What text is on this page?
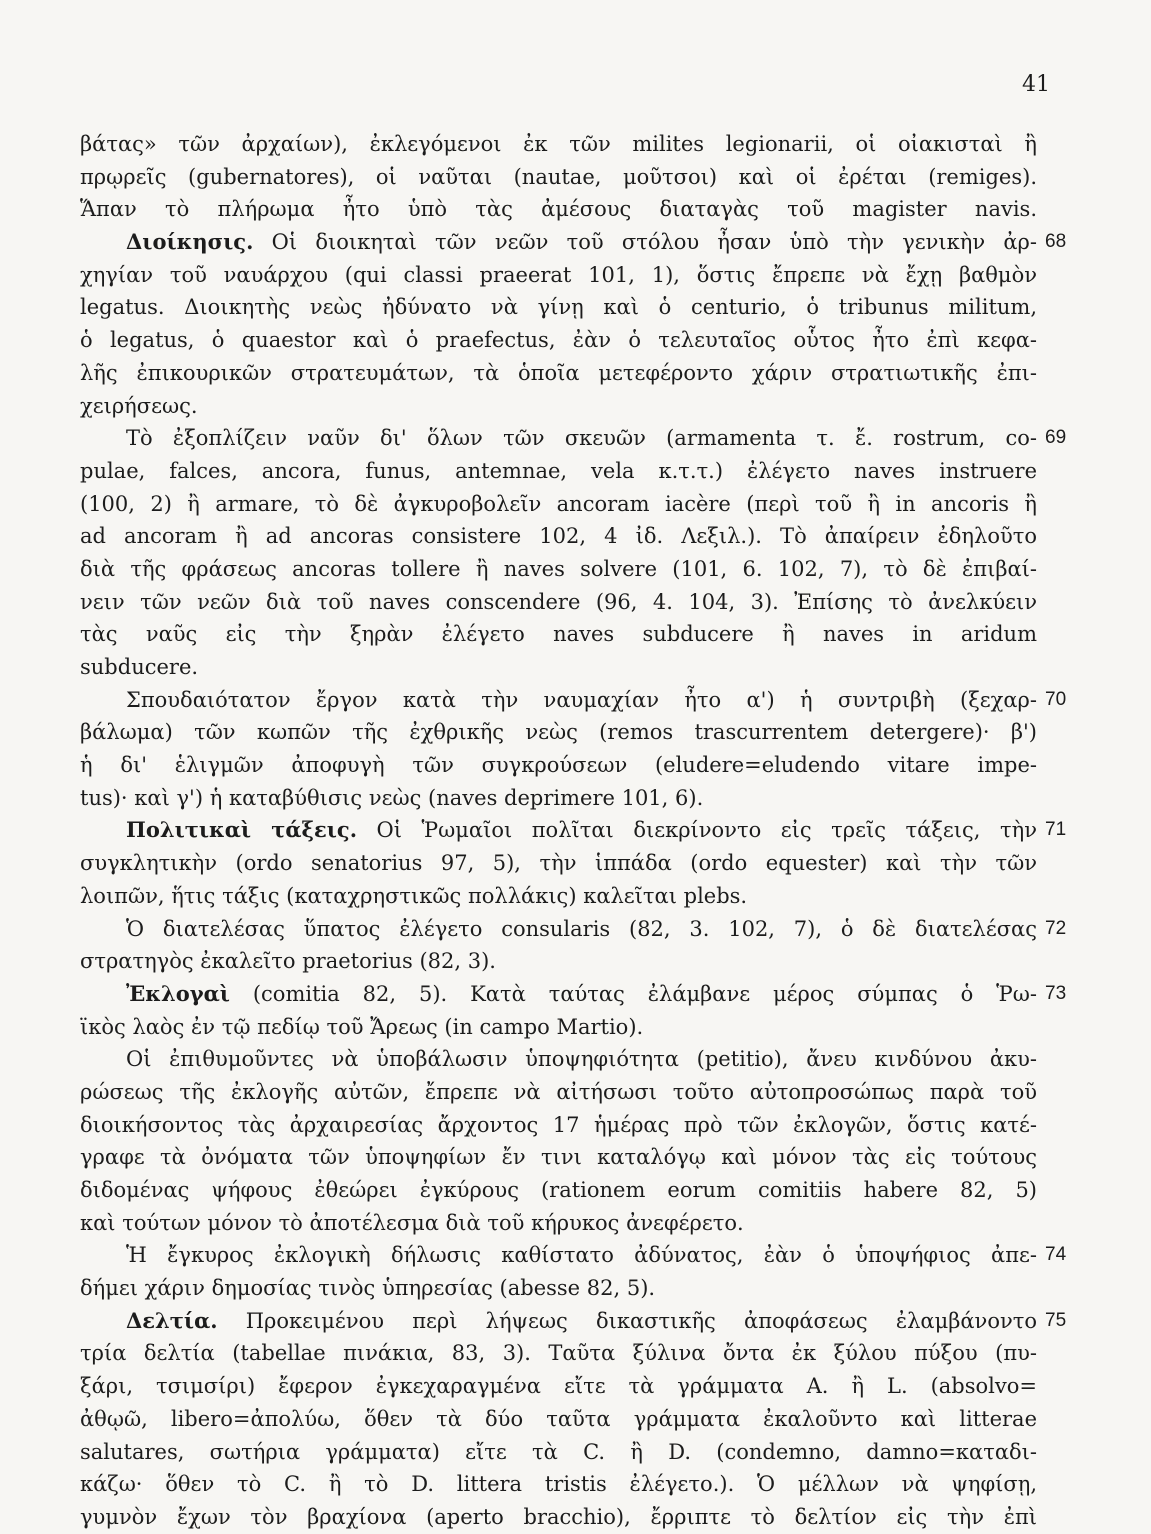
41
βάτας» τῶν ἀρχαίων), ἐκλεγόμενοι ἐκ τῶν milites legionarii, οἱ οἰακισταὶ ἢ
πρῳρεῖς (gubernatores), οἱ ναῦται (nautae, μοῦτσοι) καὶ οἱ ἐρέται (remiges).
Ἅπαν τὸ πλήρωμα ἦτο ὑπὸ τὰς ἀμέσους διαταγὰς τοῦ magister navis.
Διοίκησις. Οἱ διοικηταὶ τῶν νεῶν τοῦ στόλου ἦσαν ὑπὸ τὴν γενικὴν ἀρ- 68
χηγίαν τοῦ ναυάρχου (qui classi praeerat 101, 1), ὅστις ἔπρεπε νὰ ἔχῃ βαθμὸν
legatus. Διοικητὴς νεὼς ἠδύνατο νὰ γίνῃ καὶ ὁ centurio, ὁ tribunus militum,
ὁ legatus, ὁ quaestor καὶ ὁ praefectus, ἐὰν ὁ τελευταῖος οὗτος ἦτο ἐπὶ κεφα-
λῆς ἐπικουρικῶν στρατευμάτων, τὰ ὁποῖα μετεφέροντο χάριν στρατιωτικῆς ἐπι-
χειρήσεως.
Τὸ ἐξοπλίζειν ναῦν δι' ὅλων τῶν σκευῶν (armamenta τ. ἔ. rostrum, co- 69
pulae, falces, ancora, funus, antemnae, vela κ.τ.τ.) ἐλέγετο naves instruere
(100, 2) ἢ armare, τὸ δὲ ἀγκυροβολεῖν ancoram iacère (περὶ τοῦ ἢ in ancoris ἢ
ad ancoram ἢ ad ancoras consistere 102, 4 ἰδ. Λεξιλ.). Τὸ ἀπαίρειν ἐδηλοῦτο
διὰ τῆς φράσεως ancoras tollere ἢ naves solvere (101, 6. 102, 7), τὸ δὲ ἐπιβαί-
νειν τῶν νεῶν διὰ τοῦ naves conscendere (96, 4. 104, 3). Ἐπίσης τὸ ἀνελκύειν
τὰς ναῦς εἰς τὴν ξηρὰν ἐλέγετο naves subducere ἢ naves in aridum
subducere.
Σπουδαιότατον ἔργον κατὰ τὴν ναυμαχίαν ἦτο α') ἡ συντριβὴ (ξεχαρ- 70
βάλωμα) τῶν κωπῶν τῆς ἐχθρικῆς νεὼς (remos trascurrentem detergere)· β')
ἡ δι' ἑλιγμῶν ἀποφυγὴ τῶν συγκρούσεων (eludere=eludendo vitare impe-
tus)· καὶ γ') ἡ καταβύθισις νεὼς (naves deprimere 101, 6).
Πολιτικαὶ τάξεις. Οἱ Ῥωμαῖοι πολῖται διεκρίνοντο εἰς τρεῖς τάξεις, τὴν 71
συγκλητικὴν (ordo senatorius 97, 5), τὴν ἱππάδα (ordo equester) καὶ τὴν τῶν
λοιπῶν, ἥτις τάξις (καταχρηστικῶς πολλάκις) καλεῖται plebs.
Ὁ διατελέσας ὕπατος ἐλέγετο consularis (82, 3. 102, 7), ὁ δὲ διατελέσας 72
στρατηγὸς ἐκαλεῖτο praetorius (82, 3).
Ἐκλογαὶ (comitia 82, 5). Κατὰ ταύτας ἐλάμβανε μέρος σύμπας ὁ Ῥω- 73
ϊκὸς λαὸς ἐν τῷ πεδίῳ τοῦ Ἄρεως (in campo Martio).
Οἱ ἐπιθυμοῦντες νὰ ὑποβάλωσιν ὑποψηφιότητα (petitio), ἄνευ κινδύνου ἀκυ-
ρώσεως τῆς ἐκλογῆς αὐτῶν, ἔπρεπε νὰ αἰτήσωσι τοῦτο αὐτοπροσώπως παρὰ τοῦ
διοικήσοντος τὰς ἀρχαιρεσίας ἄρχοντος 17 ἡμέρας πρὸ τῶν ἐκλογῶν, ὅστις κατέ-
γραφε τὰ ὀνόματα τῶν ὑποψηφίων ἔν τινι καταλόγῳ καὶ μόνον τὰς εἰς τούτους
διδομένας ψήφους ἐθεώρει ἐγκύρους (rationem eorum comitiis habere 82, 5)
καὶ τούτων μόνον τὸ ἀποτέλεσμα διὰ τοῦ κήρυκος ἀνεφέρετο.
Ἡ ἔγκυρος ἐκλογικὴ δήλωσις καθίστατο ἀδύνατος, ἐὰν ὁ ὑποψήφιος ἀπε- 74
δήμει χάριν δημοσίας τινὸς ὑπηρεσίας (abesse 82, 5).
Δελτία. Προκειμένου περὶ λήψεως δικαστικῆς ἀποφάσεως ἐλαμβάνοντο 75
τρία δελτία (tabellae πινάκια, 83, 3). Ταῦτα ξύλινα ὄντα ἐκ ξύλου πύξου (πυ-
ξάρι, τσιμσίρι) ἔφερον ἐγκεχαραγμένα εἴτε τὰ γράμματα A. ἢ L. (absolvo=
ἀθῳῶ, libero=ἀπολύω, ὅθεν τὰ δύο ταῦτα γράμματα ἐκαλοῦντο καὶ litterae
salutares, σωτήρια γράμματα) εἴτε τὰ C. ἢ D. (condemno, damno=καταδι-
κάζω· ὅθεν τὸ C. ἢ τὸ D. littera tristis ἐλέγετο.). Ὁ μέλλων νὰ ψηφίσῃ,
γυμνὸν ἔχων τὸν βραχίονα (aperto bracchio), ἔρριπτε τὸ δελτίον εἰς τὴν ἐπὶ
